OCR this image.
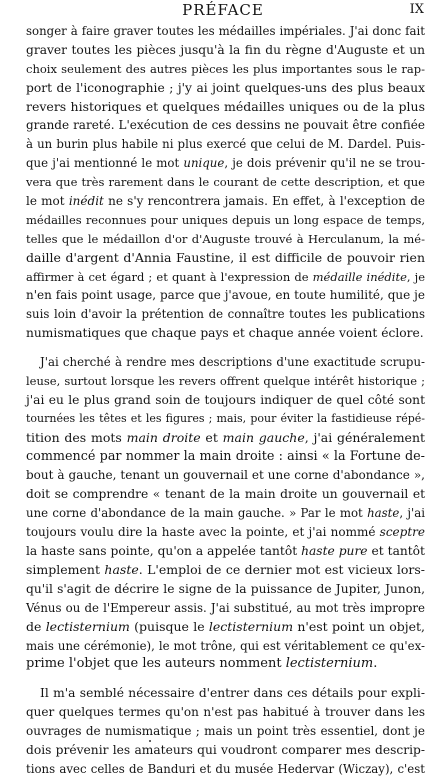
PRÉFACE	IX
songer à faire graver toutes les médailles impériales. J'ai donc fait
graver toutes les pièces jusqu'à la fin du règne d'Auguste et un
choix seulement des autres pièces les plus importantes sous le rap-
port de l'iconographie ; j'y ai joint quelques-uns des plus beaux
revers historiques et quelques médailles uniques ou de la plus
grande rareté. L'exécution de ces dessins ne pouvait être confiée
à un burin plus habile ni plus exercé que celui de M. Dardel. Puis-
que j'ai mentionné le mot unique, je dois prévenir qu'il ne se trou-
vera que très rarement dans le courant de cette description, et que
le mot inédit ne s'y rencontrera jamais. En effet, à l'exception de
médailles reconnues pour uniques depuis un long espace de temps,
telles que le médaillon d'or d'Auguste trouvé à Herculanum, la mé-
daille d'argent d'Annia Faustine, il est difficile de pouvoir rien
affirmer à cet égard ; et quant à l'expression de médaille inédite, je
n'en fais point usage, parce que j'avoue, en toute humilité, que je
suis loin d'avoir la prétention de connaître toutes les publications
numismatiques que chaque pays et chaque année voient éclore.
J'ai cherché à rendre mes descriptions d'une exactitude scrupu-
leuse, surtout lorsque les revers offrent quelque intérêt historique ;
j'ai eu le plus grand soin de toujours indiquer de quel côté sont
tournées les têtes et les figures ; mais, pour éviter la fastidieuse répé-
tition des mots main droite et main gauche, j'ai généralement
commencé par nommer la main droite : ainsi « la Fortune de-
bout à gauche, tenant un gouvernail et une corne d'abondance »,
doit se comprendre « tenant de la main droite un gouvernail et
une corne d'abondance de la main gauche. » Par le mot haste, j'ai
toujours voulu dire la haste avec la pointe, et j'ai nommé sceptre
la haste sans pointe, qu'on a appelée tantôt haste pure et tantôt
simplement haste. L'emploi de ce dernier mot est vicieux lors-
qu'il s'agit de décrire le signe de la puissance de Jupiter, Junon,
Vénus ou de l'Empereur assis. J'ai substitué, au mot très impropre
de lectisternium (puisque le lectisternium n'est point un objet,
mais une cérémonie), le mot trône, qui est véritablement ce qu'ex-
prime l'objet que les auteurs nomment lectisternium.
Il m'a semblé nécessaire d'entrer dans ces détails pour expli-
quer quelques termes qu'on n'est pas habitué à trouver dans les
ouvrages de numismatique ; mais un point très essentiel, dont je
dois prévenir les amateurs qui voudront comparer mes descrip-
tions avec celles de Banduri et du musée Hedervar (Wiczay), c'est
